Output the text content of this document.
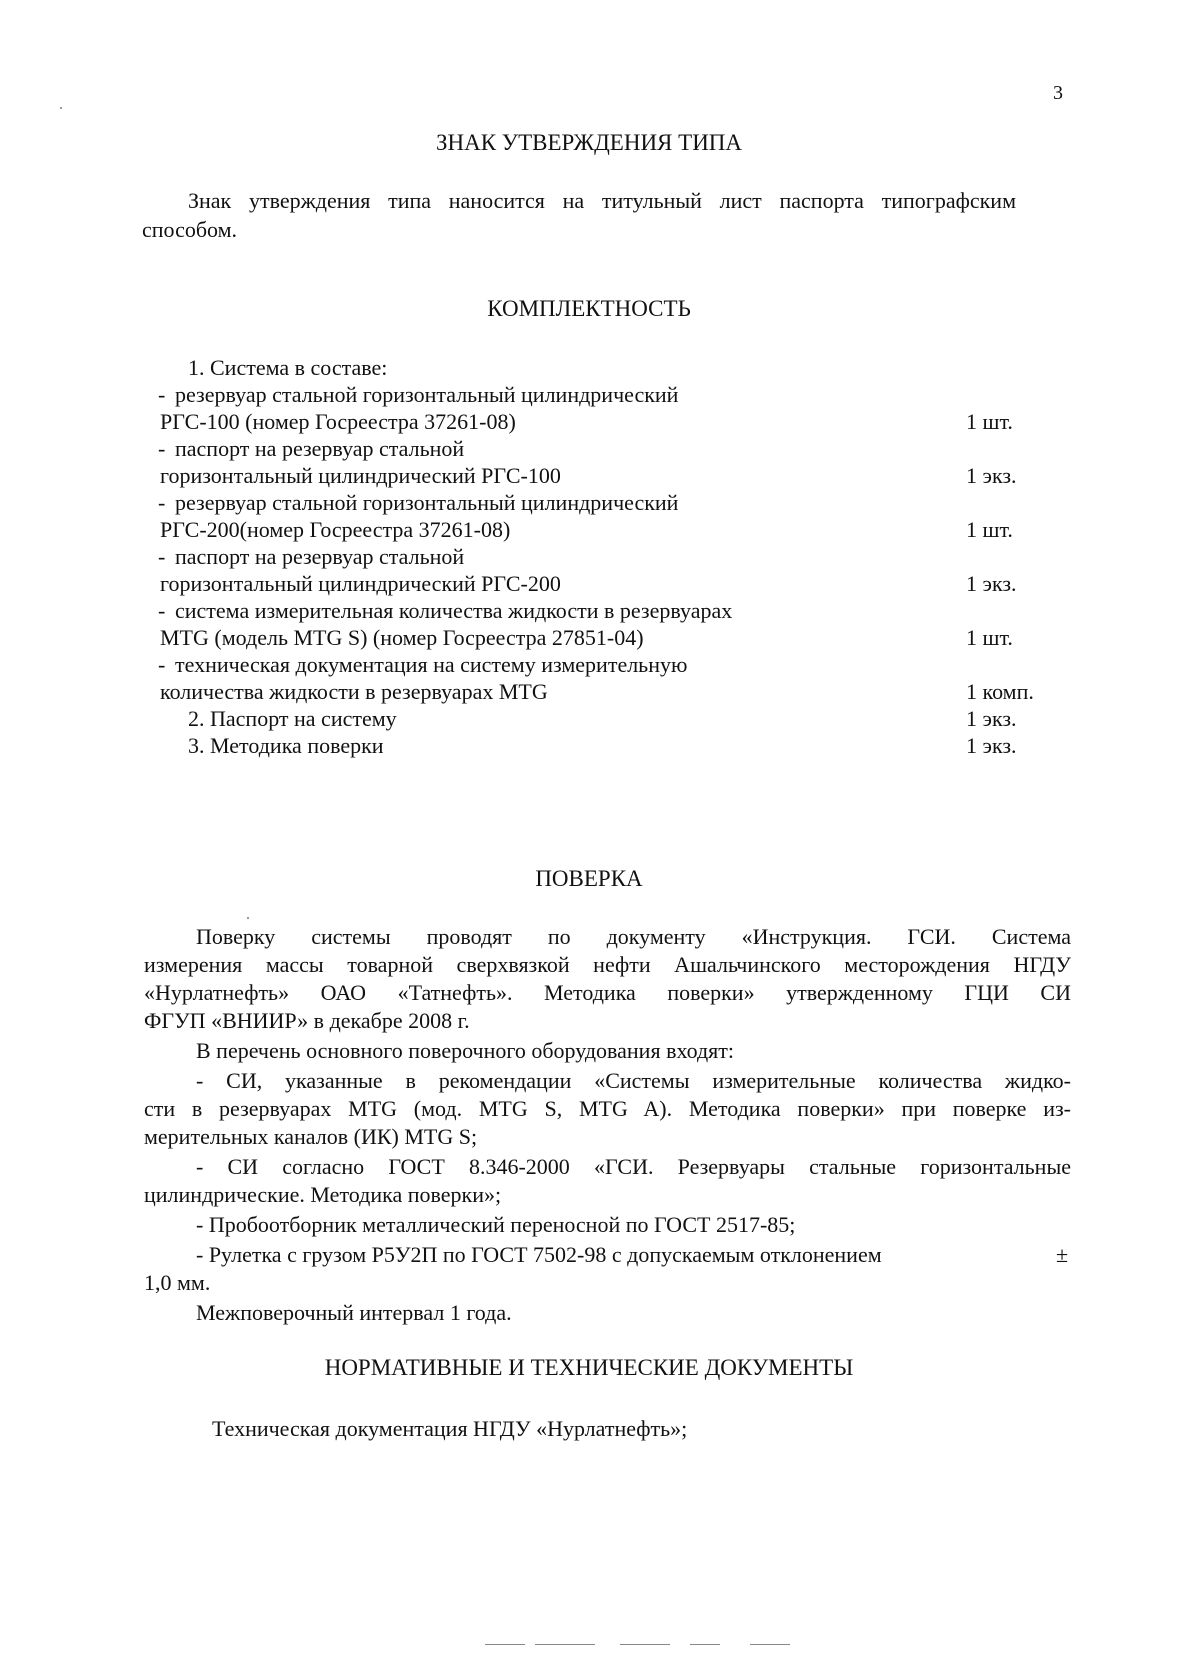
3
ЗНАК УТВЕРЖДЕНИЯ ТИПА
Знак утверждения типа наносится на титульный лист паспорта типографским
способом.
КОМПЛЕКТНОСТЬ
1. Система в составе:
- резервуар стальной горизонтальный цилиндрический
РГС-100 (номер Госреестра 37261-08)	1 шт.
- паспорт на резервуар стальной
горизонтальный цилиндрический РГС-100	1 экз.
- резервуар стальной горизонтальный цилиндрический
РГС-200(номер Госреестра 37261-08)	1 шт.
- паспорт на резервуар стальной
горизонтальный цилиндрический РГС-200	1 экз.
- система измерительная количества жидкости в резервуарах
MTG (модель MTG S) (номер Госреестра 27851-04)	1 шт.
- техническая документация на систему измерительную
количества жидкости в резервуарах MTG	1 комп.
2. Паспорт на систему	1 экз.
3. Методика поверки	1 экз.
ПОВЕРКА
Поверку системы проводят по документу «Инструкция. ГСИ. Система
измерения массы товарной сверхвязкой нефти Ашальчинского месторождения НГДУ
«Нурлатнефть» ОАО «Татнефть». Методика поверки» утвержденному ГЦИ СИ
ФГУП «ВНИИР» в декабре 2008 г.
В перечень основного поверочного оборудования входят:
- СИ, указанные в рекомендации «Системы измерительные количества жидко-
сти в резервуарах MTG (мод. MTG S, MTG A). Методика поверки» при поверке из-
мерительных каналов (ИК) MTG S;
- СИ согласно ГОСТ 8.346-2000 «ГСИ. Резервуары стальные горизонтальные
цилиндрические. Методика поверки»;
- Пробоотборник металлический переносной по ГОСТ 2517-85;
- Рулетка с грузом Р5У2П по ГОСТ 7502-98 с допускаемым отклонением	±
1,0 мм.
Межповерочный интервал 1 года.
НОРМАТИВНЫЕ И ТЕХНИЧЕСКИЕ ДОКУМЕНТЫ
Техническая документация НГДУ «Нурлатнефть»;
